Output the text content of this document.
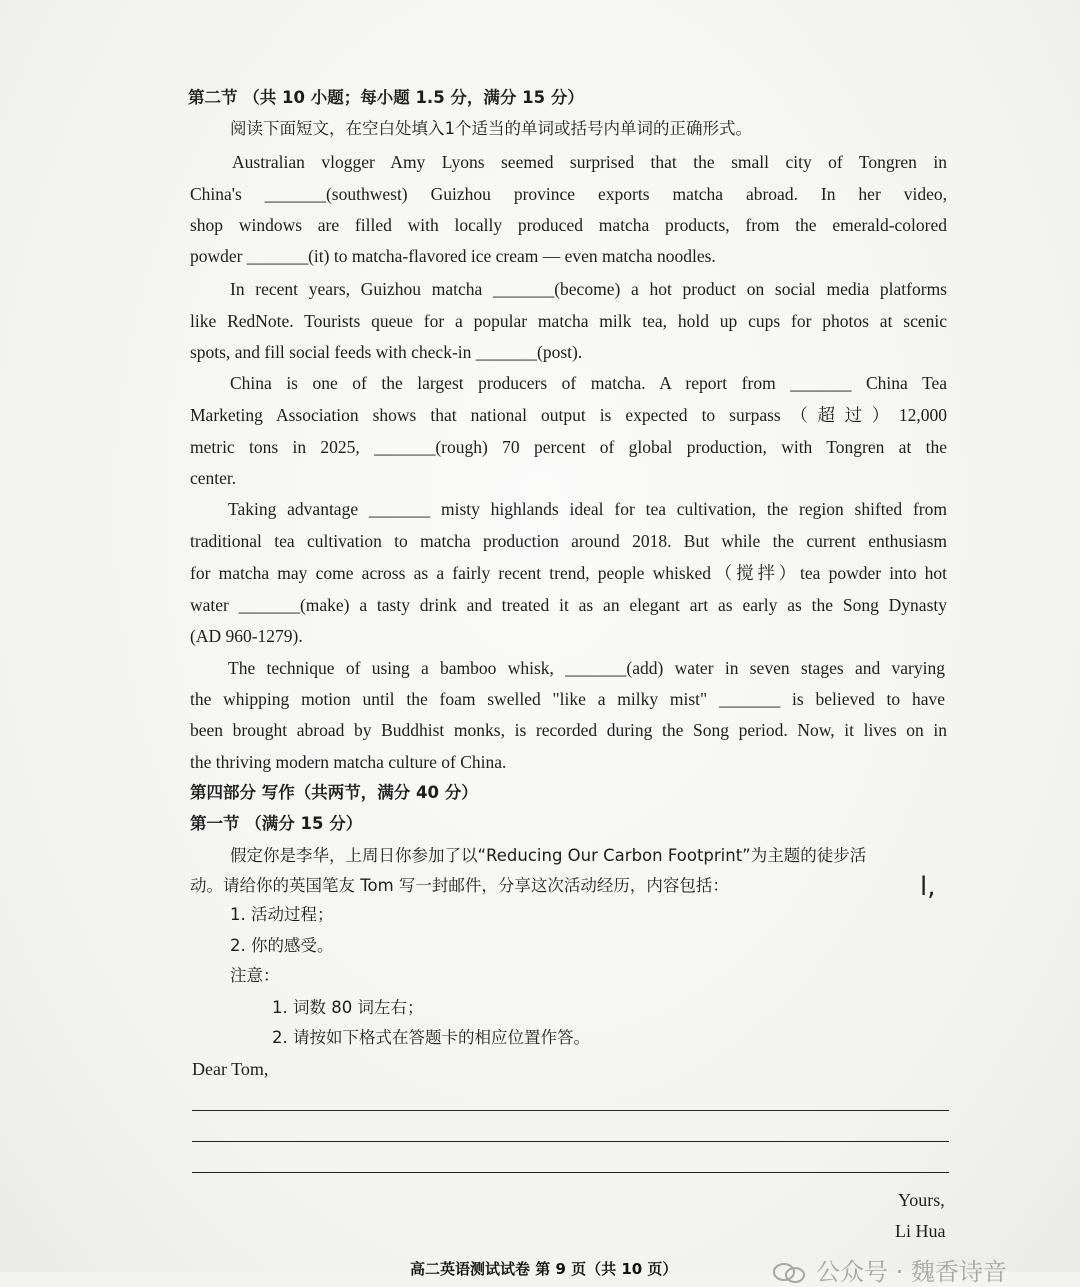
第二节 （共 10 小题；每小题 1.5 分，满分 15 分）
阅读下面短文，在空白处填入1个适当的单词或括号内单词的正确形式。
Australian vlogger Amy Lyons seemed surprised that the small city of Tongren in
China's _______(southwest) Guizhou province exports matcha abroad. In her video,
shop windows are filled with locally produced matcha products, from the emerald-colored
powder _______(it) to matcha-flavored ice cream — even matcha noodles.
In recent years, Guizhou matcha _______(become) a hot product on social media platforms
like RedNote. Tourists queue for a popular matcha milk tea, hold up cups for photos at scenic
spots, and fill social feeds with check-in _______(post).
China is one of the largest producers of matcha. A report from _______ China Tea
Marketing Association shows that national output is expected to surpass（超过）12,000
metric tons in 2025, _______(rough) 70 percent of global production, with Tongren at the
center.
Taking advantage _______ misty highlands ideal for tea cultivation, the region shifted from
traditional tea cultivation to matcha production around 2018. But while the current enthusiasm
for matcha may come across as a fairly recent trend, people whisked（搅拌）tea powder into hot
water _______(make) a tasty drink and treated it as an elegant art as early as the Song Dynasty
(AD 960-1279).
The technique of using a bamboo whisk, _______(add) water in seven stages and varying
the whipping motion until the foam swelled "like a milky mist" _______ is believed to have
been brought abroad by Buddhist monks, is recorded during the Song period. Now, it lives on in
the thriving modern matcha culture of China.
第四部分 写作（共两节，满分 40 分）
第一节 （满分 15 分）
假定你是李华，上周日你参加了以“Reducing Our Carbon Footprint”为主题的徒步活
动。请给你的英国笔友 Tom 写一封邮件，分享这次活动经历，内容包括：
1. 活动过程；
2. 你的感受。
注意：
1. 词数 80 词左右；
2. 请按如下格式在答题卡的相应位置作答。
l,
Dear Tom,
Yours,
Li Hua
高二英语测试试卷 第 9 页（共 10 页）	公众号 · 魏香诗音
